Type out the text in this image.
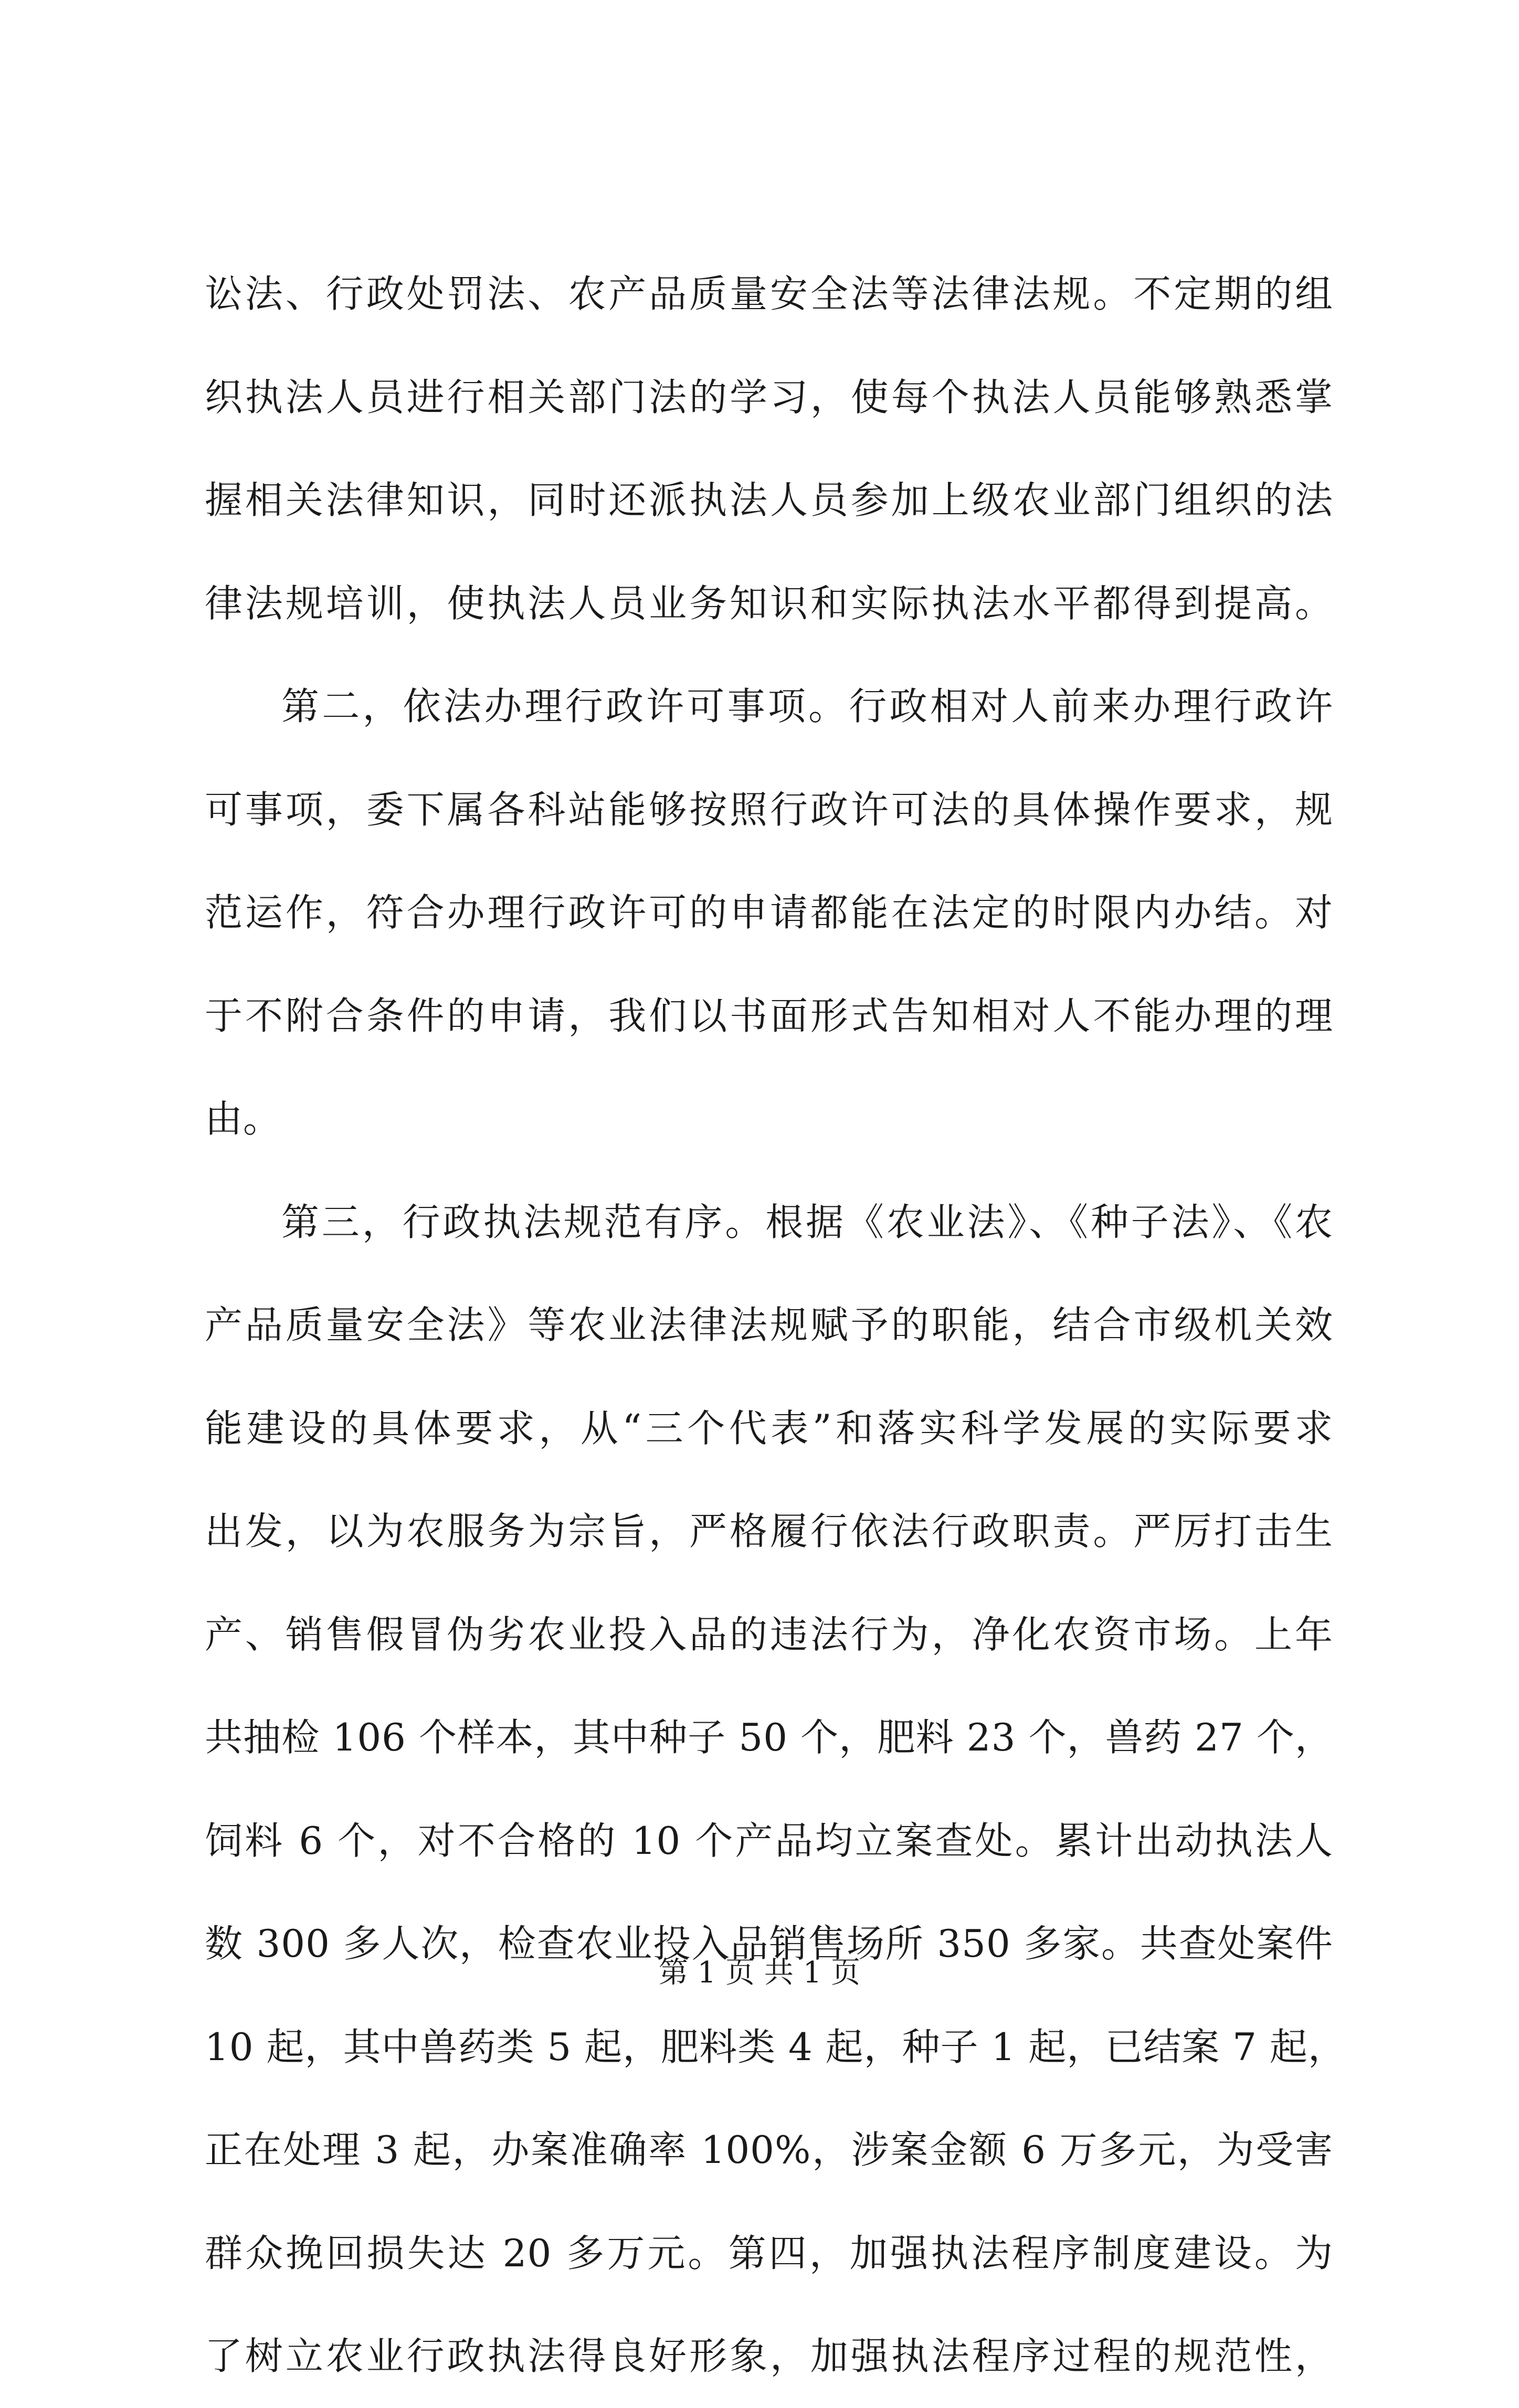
讼法、行政处罚法、农产品质量安全法等法律法规。不定期的组
织执法人员进行相关部门法的学习，使每个执法人员能够熟悉掌
握相关法律知识，同时还派执法人员参加上级农业部门组织的法
律法规培训，使执法人员业务知识和实际执法水平都得到提高。
第二，依法办理行政许可事项。行政相对人前来办理行政许
可事项，委下属各科站能够按照行政许可法的具体操作要求，规
范运作，符合办理行政许可的申请都能在法定的时限内办结。对
于不附合条件的申请，我们以书面形式告知相对人不能办理的理
由。
第三，行政执法规范有序。根据《农业法》、《种子法》、《农
产品质量安全法》等农业法律法规赋予的职能，结合市级机关效
能建设的具体要求，从“三个代表”和落实科学发展的实际要求
出发，以为农服务为宗旨，严格履行依法行政职责。严厉打击生
产、销售假冒伪劣农业投入品的违法行为，净化农资市场。上年
共抽检 106 个样本，其中种子 50 个，肥料 23 个，兽药 27 个，
饲料 6 个，对不合格的 10 个产品均立案查处。累计出动执法人
数 300 多人次，检查农业投入品销售场所 350 多家。共查处案件
10 起，其中兽药类 5 起，肥料类 4 起，种子 1 起，已结案 7 起，
正在处理 3 起，办案准确率 100%，涉案金额 6 万多元，为受害
群众挽回损失达 20 多万元。第四，加强执法程序制度建设。为
了树立农业行政执法得良好形象，加强执法程序过程的规范性，
第 1 页 共 1 页
